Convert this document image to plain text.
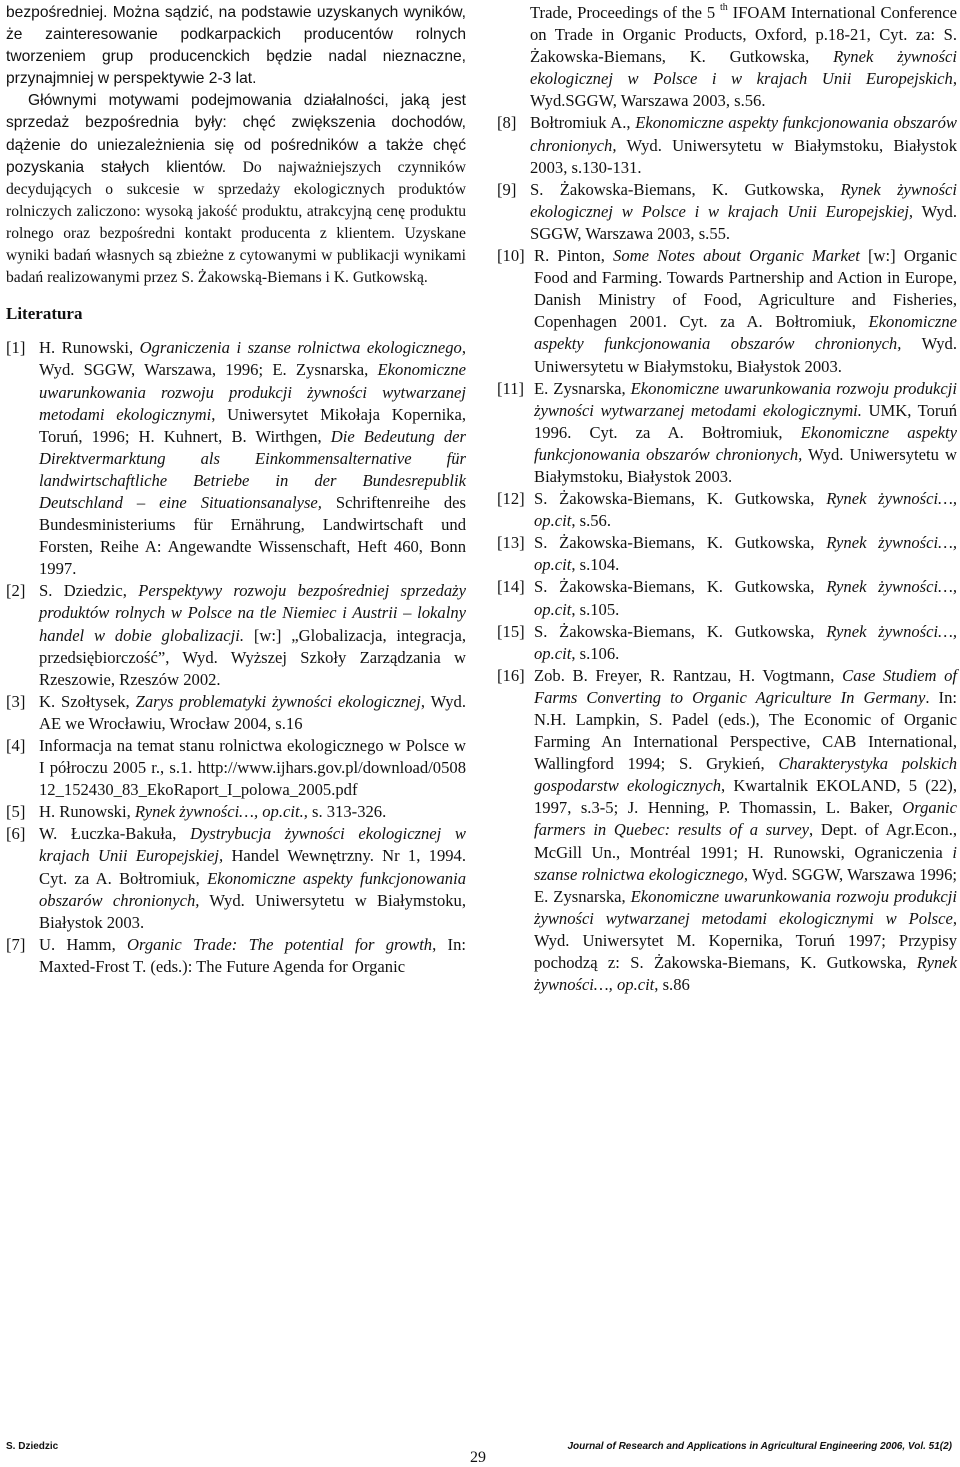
bezpośredniej. Można sądzić, na podstawie uzyskanych wyników, że zainteresowanie podkarpackich producentów rolnych tworzeniem grup producenckich będzie nadal nieznaczne, przynajmniej w perspektywie 2-3 lat.

Głównymi motywami podejmowania działalności, jaką jest sprzedaż bezpośrednia były: chęć zwiększenia dochodów, dążenie do uniezależnienia się od pośredników a także chęć pozyskania stałych klientów. Do najważniejszych czynników decydujących o sukcesie w sprzedaży ekologicznych produktów rolniczych zaliczono: wysoką jakość produktu, atrakcyjną cenę produktu rolnego oraz bezpośredni kontakt producenta z klientem. Uzyskane wyniki badań własnych są zbieżne z cytowanymi w publikacji wynikami badań realizowanymi przez S. Żakowską-Biemans i K. Gutkowską.

Literatura
[1] H. Runowski, Ograniczenia i szanse rolnictwa ekologicznego, Wyd. SGGW, Warszawa, 1996; E. Zysnarska, Ekonomiczne uwarunkowania rozwoju produkcji żywności wytwarzanej metodami ekologicznymi, Uniwersytet Mikołaja Kopernika, Toruń, 1996; H. Kuhnert, B. Wirthgen, Die Bedeutung der Direktvermarktung als Einkommensalternative für landwirtschaftliche Betriebe in der Bundesrepublik Deutschland – eine Situationsanalyse, Schriftenreihe des Bundesministeriums für Ernährung, Landwirtschaft und Forsten, Reihe A: Angewandte Wissenschaft, Heft 460, Bonn 1997.
[2] S. Dziedzic, Perspektywy rozwoju bezpośredniej sprzedaży produktów rolnych w Polsce na tle Niemiec i Austrii – lokalny handel w dobie globalizacji. [w:] „Globalizacja, integracja, przedsiębiorczość”, Wyd. Wyższej Szkoły Zarządzania w Rzeszowie, Rzeszów 2002.
[3] K. Szołtysek, Zarys problematyki żywności ekologicznej, Wyd. AE we Wrocławiu, Wrocław 2004, s.16
[4] Informacja na temat stanu rolnictwa ekologicznego w Polsce w I półroczu 2005 r., s.1. http://www.ijhars.gov.pl/download/050812_152430_83_EkoRaport_I_polowa_2005.pdf
[5] H. Runowski, Rynek żywności…, op.cit., s. 313-326.
[6] W. Łuczka-Bakuła, Dystrybucja żywności ekologicznej w krajach Unii Europejskiej, Handel Wewnętrzny. Nr 1, 1994. Cyt. za A. Bołtromiuk, Ekonomiczne aspekty funkcjonowania obszarów chronionych, Wyd. Uniwersytetu w Białymstoku, Białystok 2003.
[7] U. Hamm, Organic Trade: The potential for growth, In: Maxted-Frost T. (eds.): The Future Agenda for Organic
Trade, Proceedings of the 5 $^{th}$ IFOAM International Conference on Trade in Organic Products, Oxford, p.18-21, Cyt. za: S. Żakowska-Biemans, K. Gutkowska, Rynek żywności ekologicznej w Polsce i w krajach Unii Europejskich, Wyd.SGGW, Warszawa 2003, s.56.
[8] Bołtromiuk A., Ekonomiczne aspekty funkcjonowania obszarów chronionych, Wyd. Uniwersytetu w Białymstoku, Białystok 2003, s.130-131.
[9] S. Żakowska-Biemans, K. Gutkowska, Rynek żywności ekologicznej w Polsce i w krajach Unii Europejskiej, Wyd. SGGW, Warszawa 2003, s.55.
[10] R. Pinton, Some Notes about Organic Market [w:] Organic Food and Farming. Towards Partnership and Action in Europe, Danish Ministry of Food, Agriculture and Fisheries, Copenhagen 2001. Cyt. za A. Bołtromiuk, Ekonomiczne aspekty funkcjonowania obszarów chronionych, Wyd. Uniwersytetu w Białymstoku, Białystok 2003.
[11] E. Zysnarska, Ekonomiczne uwarunkowania rozwoju produkcji żywności wytwarzanej metodami ekologicznymi. UMK, Toruń 1996. Cyt. za A. Bołtromiuk, Ekonomiczne aspekty funkcjonowania obszarów chronionych, Wyd. Uniwersytetu w Białymstoku, Białystok 2003.
[12] S. Żakowska-Biemans, K. Gutkowska, Rynek żywności…, op.cit, s.56.
[13] S. Żakowska-Biemans, K. Gutkowska, Rynek żywności…, op.cit, s.104.
[14] S. Żakowska-Biemans, K. Gutkowska, Rynek żywności…, op.cit, s.105.
[15] S. Żakowska-Biemans, K. Gutkowska, Rynek żywności…, op.cit, s.106.
[16] Zob. B. Freyer, R. Rantzau, H. Vogtmann, Case Studiem of Farms Converting to Organic Agriculture In Germany. In: N.H. Lampkin, S. Padel (eds.), The Economic of Organic Farming An International Perspective, CAB International, Wallingford 1994; S. Grykień, Charakterystyka polskich gospodarstw ekologicznych, Kwartalnik EKOLAND, 5 (22), 1997, s.3-5; J. Henning, P. Thomassin, L. Baker, Organic farmers in Quebec: results of a survey, Dept. of Agr.Econ., McGill Un., Montréal 1991; H. Runowski, Ograniczenia i szanse rolnictwa ekologicznego, Wyd. SGGW, Warszawa 1996; E. Zysnarska, Ekonomiczne uwarunkowania rozwoju produkcji żywności wytwarzanej metodami ekologicznymi w Polsce, Wyd. Uniwersytet M. Kopernika, Toruń 1997; Przypisy pochodzą z: S. Żakowska-Biemans, K. Gutkowska, Rynek żywności…, op.cit, s.86
S. Dziedzic
29
Journal of Research and Applications in Agricultural Engineering 2006, Vol. 51(2)
